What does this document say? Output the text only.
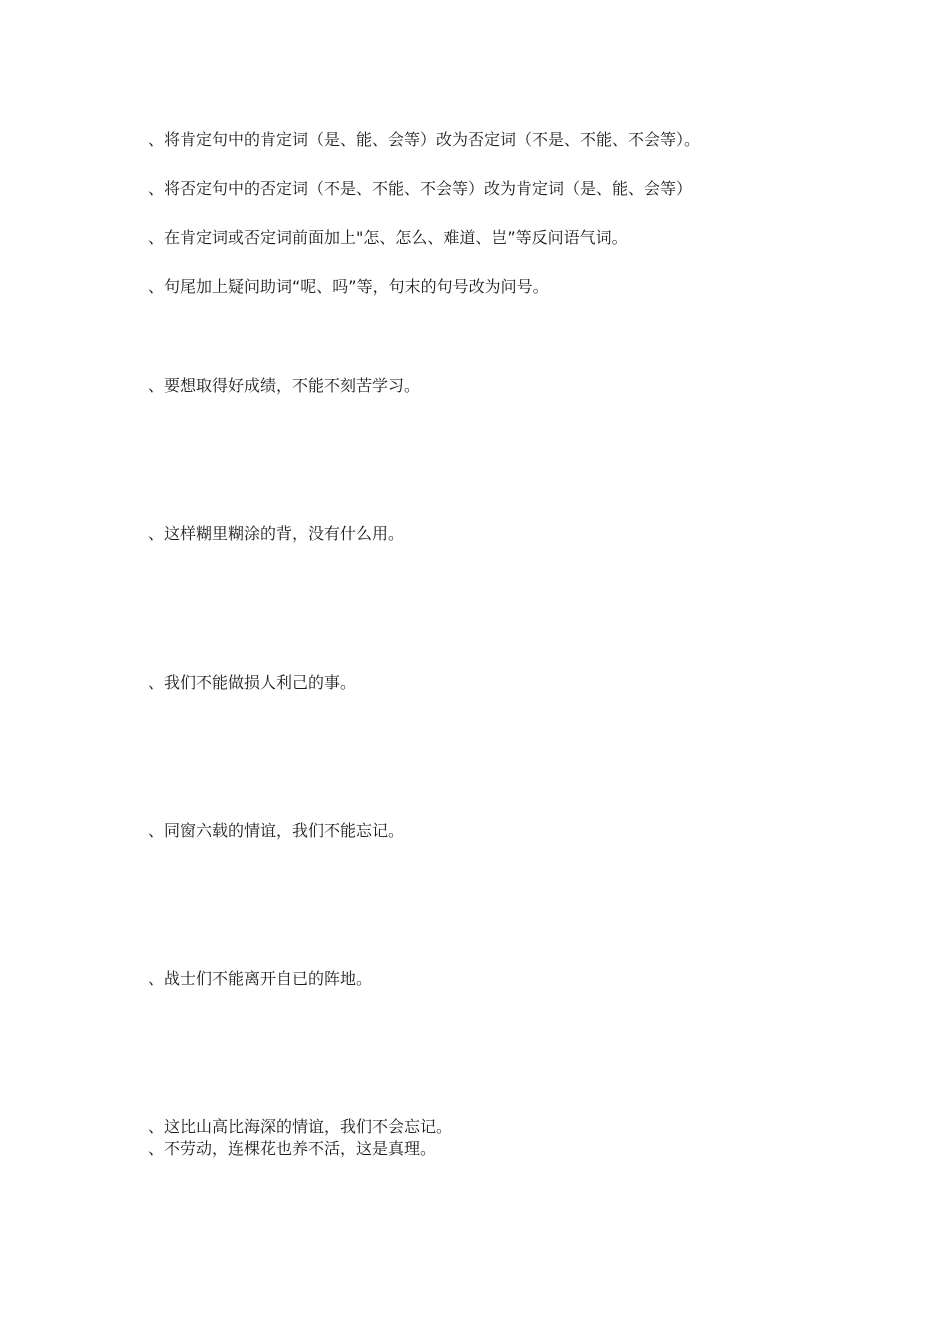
、将肯定句中的肯定词（是、能、会等）改为否定词（不是、不能、不会等）。
、将否定句中的否定词（不是、不能、不会等）改为肯定词（是、能、会等）
、在肯定词或否定词前面加上"怎、怎么、难道、岂”等反问语气词。
、句尾加上疑问助词“呢、吗”等，句末的句号改为问号。
、要想取得好成绩，不能不刻苦学习。
、这样糊里糊涂的背，没有什么用。
、我们不能做损人利己的事。
、同窗六载的情谊，我们不能忘记。
、战士们不能离开自已的阵地。
、这比山高比海深的情谊，我们不会忘记。
、不劳动，连棵花也养不活，这是真理。
